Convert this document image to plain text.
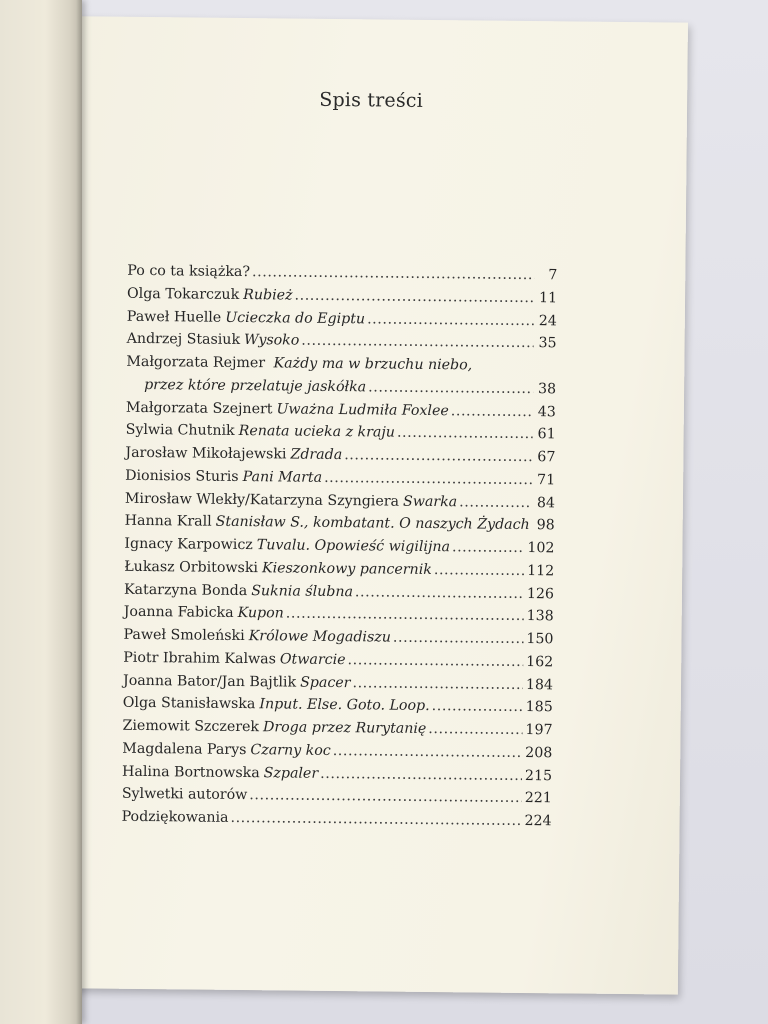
Spis treści
Po co ta książka? .....	7
Olga Tokarczuk Rubież .....	11
Paweł Huelle Ucieczka do Egiptu .....	24
Andrzej Stasiuk Wysoko .....	35
Małgorzata Rejmer Każdy ma w brzuchu niebo,
przez które przelatuje jaskółka .....	38
Małgorzata Szejnert Uważna Ludmiła Foxlee .....	43
Sylwia Chutnik Renata ucieka z kraju .....	61
Jarosław Mikołajewski Zdrada .....	67
Dionisios Sturis Pani Marta .....	71
Mirosław Wlekły/Katarzyna Szyngiera Swarka .....	84
Hanna Krall Stanisław S., kombatant. O naszych Żydach ..... 98
Ignacy Karpowicz Tuvalu. Opowieść wigilijna .....	102
Łukasz Orbitowski Kieszonkowy pancernik .....	112
Katarzyna Bonda Suknia ślubna .....	126
Joanna Fabicka Kupon .....	138
Paweł Smoleński Królowe Mogadiszu .....	150
Piotr Ibrahim Kalwas Otwarcie .....	162
Joanna Bator/Jan Bajtlik Spacer .....	184
Olga Stanisławska Input. Else. Goto. Loop. .....	185
Ziemowit Szczerek Droga przez Rurytanię .....	197
Magdalena Parys Czarny koc .....	208
Halina Bortnowska Szpaler .....	215
Sylwetki autorów .....	221
Podziękowania .....	224
